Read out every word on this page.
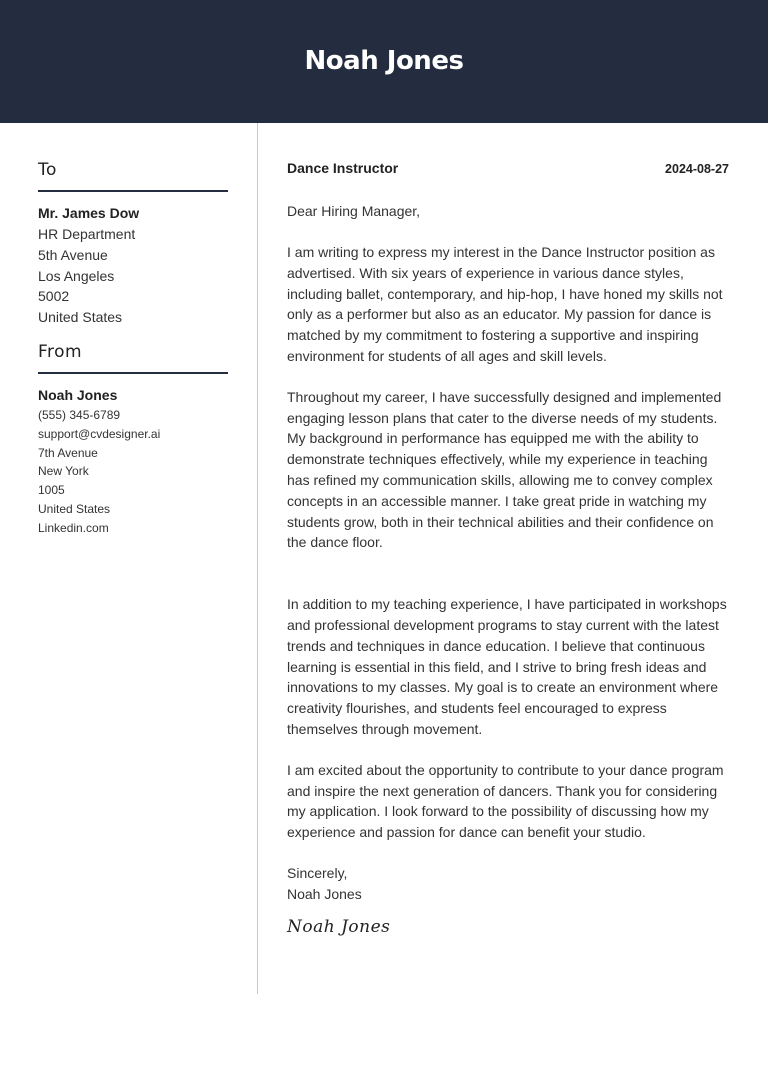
Noah Jones
To
Mr. James Dow
HR Department
5th Avenue
Los Angeles
5002
United States
From
Noah Jones
(555) 345-6789
support@cvdesigner.ai
7th Avenue
New York
1005
United States
Linkedin.com
Dance Instructor	2024-08-27
Dear Hiring Manager,

I am writing to express my interest in the Dance Instructor position as advertised. With six years of experience in various dance styles, including ballet, contemporary, and hip-hop, I have honed my skills not only as a performer but also as an educator. My passion for dance is matched by my commitment to fostering a supportive and inspiring environment for students of all ages and skill levels.

Throughout my career, I have successfully designed and implemented engaging lesson plans that cater to the diverse needs of my students. My background in performance has equipped me with the ability to demonstrate techniques effectively, while my experience in teaching has refined my communication skills, allowing me to convey complex concepts in an accessible manner. I take great pride in watching my students grow, both in their technical abilities and their confidence on the dance floor.

In addition to my teaching experience, I have participated in workshops and professional development programs to stay current with the latest trends and techniques in dance education. I believe that continuous learning is essential in this field, and I strive to bring fresh ideas and innovations to my classes. My goal is to create an environment where creativity flourishes, and students feel encouraged to express themselves through movement.

I am excited about the opportunity to contribute to your dance program and inspire the next generation of dancers. Thank you for considering my application. I look forward to the possibility of discussing how my experience and passion for dance can benefit your studio.

Sincerely,
Noah Jones
Noah Jones
